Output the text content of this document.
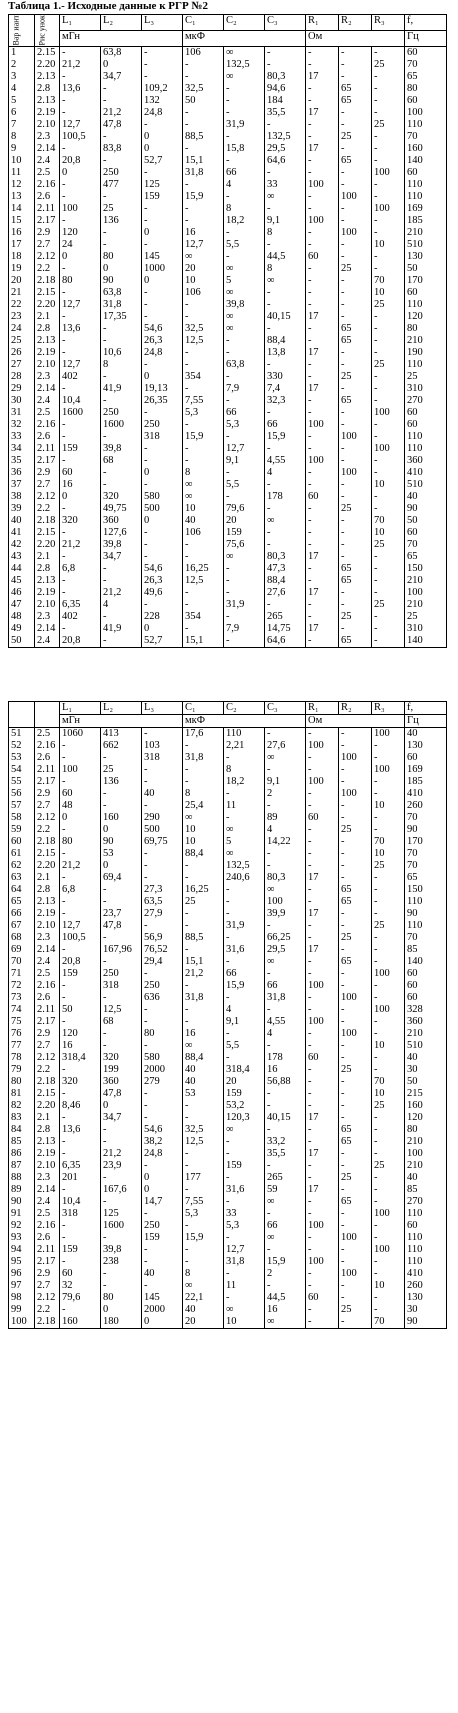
Таблица 1.- Исходные данные к РГР №2
Вар иант	Рис унок	L₁	L₂	L₃	C₁	C₂	C₃	R₁	R₂	R₃	f,
		мГн			мкФ			Ом			Гц
1	2.15	-	63,8	-	106	∞	-	-	-	-	60
2	2.20	21,2	0	-	-	132,5	-	-	-	25	70
3	2.13	-	34,7	-	-	∞	80,3	17	-	-	65
4	2.8	13,6	-	109,2	32,5	-	94,6	-	65	-	80
5	2.13	-	-	132	50	-	184	-	65	-	60
6	2.19	-	21,2	24,8	-	-	35,5	17	-	-	100
7	2.10	12,7	47,8	-	-	31,9	-	-	-	25	110
8	2.3	100,5	-	0	88,5	-	132,5	-	25	-	70
9	2.14	-	83,8	0	-	15,8	29,5	17	-	-	160
10	2.4	20,8	-	52,7	15,1	-	64,6	-	65	-	140
11	2.5	0	250	-	31,8	66	-	-	-	100	60
12	2.16	-	477	125	-	4	33	100	-	-	110
13	2.6	-	-	159	15,9	-	∞	-	100	-	110
14	2.11	100	25	-	-	8	-	-	-	100	169
15	2.17	-	136	-	-	18,2	9,1	100	-	-	185
16	2.9	120	-	0	16	-	8	-	100	-	210
17	2.7	24	-	-	12,7	5,5	-	-	-	10	510
18	2.12	0	80	145	∞	-	44,5	60	-	-	130
19	2.2	-	0	1000	20	∞	8	-	25	-	50
20	2.18	80	90	0	10	5	∞	-	-	70	170
21	2.15	-	63,8	-	106	∞	-	-	-	10	60
22	2.20	12,7	31,8	-	-	39,8	-	-	-	25	110
23	2.1	-	17,35	-	-	∞	40,15	17	-	-	120
24	2.8	13,6	-	54,6	32,5	∞	-	-	65	-	80
25	2.13	-	-	26,3	12,5	-	88,4	-	65	-	210
26	2.19	-	10,6	24,8	-	-	13,8	17	-	-	190
27	2.10	12,7	8	-	-	63,8	-	-	-	25	110
28	2.3	402	-	0	354	-	330	-	25	-	25
29	2.14	-	41,9	19,13	-	7,9	7,4	17	-	-	310
30	2.4	10,4	-	26,35	7,55	-	32,3	-	65	-	270
31	2.5	1600	250	-	5,3	66	-	-	-	100	60
32	2.16	-	1600	250	-	5,3	66	100	-	-	60
33	2.6	-	-	318	15,9	-	15,9	-	100	-	110
34	2.11	159	39,8	-	-	12,7	-	-	-	100	110
35	2.17	-	68	-	-	9,1	4,55	100	-	-	360
36	2.9	60	-	0	8	-	4	-	100	-	410
37	2.7	16	-	-	∞	5,5	-	-	-	10	510
38	2.12	0	320	580	∞	-	178	60	-	-	40
39	2.2	-	49,75	500	10	79,6	-	-	25	-	90
40	2.18	320	360	0	40	20	∞	-	-	70	50
41	2.15	-	127,6	-	106	159	-	-	-	10	60
42	2.20	21,2	39,8	-	-	75,6	-	-	-	25	70
43	2.1	-	34,7	-	-	∞	80,3	17	-	-	65
44	2.8	6,8	-	54,6	16,25	-	47,3	-	65	-	150
45	2.13	-	-	26,3	12,5	-	88,4	-	65	-	210
46	2.19	-	21,2	49,6	-	-	27,6	17	-	-	100
47	2.10	6,35	4	-	-	31,9	-	-	-	25	210
48	2.3	402	-	228	354	-	265	-	25	-	25
49	2.14	-	41,9	0	-	7,9	14,75	17	-	-	310
50	2.4	20,8	-	52,7	15,1	-	64,6	-	65	-	140
		L₁	L₂	L₃	C₁	C₂	C₃	R₁	R₂	R₃	f,
		мГн			мкФ			Ом			Гц
51	2.5	1060	413	-	17,6	110	-	-	-	100	40
52	2.16	-	662	103	-	2,21	27,6	100	-	-	130
53	2.6	-	-	318	31,8	-	∞	-	100	-	60
54	2.11	100	25	-	-	8	-	-	-	100	169
55	2.17	-	136	-	-	18,2	9,1	100	-	-	185
56	2.9	60	-	40	8	-	2	-	100	-	410
57	2.7	48	-	-	25,4	11	-	-	-	10	260
58	2.12	0	160	290	∞	-	89	60	-	-	70
59	2.2	-	0	500	10	∞	4	-	25	-	90
60	2.18	80	90	69,75	10	5	14,22	-	-	70	170
61	2.15	-	53	-	88,4	∞	-	-	-	10	70
62	2.20	21,2	0	-	-	132,5	-	-	-	25	70
63	2.1	-	69,4	-	-	240,6	80,3	17	-	-	65
64	2.8	6,8	-	27,3	16,25	-	∞	-	65	-	150
65	2.13	-	-	63,5	25	-	100	-	65	-	110
66	2.19	-	23,7	27,9	-	-	39,9	17	-	-	90
67	2.10	12,7	47,8	-	-	31,9	-	-	-	25	110
68	2.3	100,5	-	56,9	88,5	-	66,25	-	25	-	70
69	2.14	-	167,96	76,52	-	31,6	29,5	17	-	-	85
70	2.4	20,8	-	29,4	15,1	-	∞	-	65	-	140
71	2.5	159	250	-	21,2	66	-	-	-	100	60
72	2.16	-	318	250	-	15,9	66	100	-	-	60
73	2.6	-	-	636	31,8	-	31,8	-	100	-	60
74	2.11	50	12,5	-	-	4	-	-	-	100	328
75	2.17	-	68	-	-	9,1	4,55	100	-	-	360
76	2.9	120	-	80	16	-	4	-	100	-	210
77	2.7	16	-	-	∞	5,5	-	-	-	10	510
78	2.12	318,4	320	580	88,4	-	178	60	-	-	40
79	2.2	-	199	2000	40	318,4	16	-	25	-	30
80	2.18	320	360	279	40	20	56,88	-	-	70	50
81	2.15	-	47,8	-	53	159	-	-	-	10	215
82	2.20	8,46	0	-	-	53,2	-	-	-	25	160
83	2.1	-	34,7	-	-	120,3	40,15	17	-	-	120
84	2.8	13,6	-	54,6	32,5	∞	-	-	65	-	80
85	2.13	-	-	38,2	12,5	-	33,2	-	65	-	210
86	2.19	-	21,2	24,8	-	-	35,5	17	-	-	100
87	2.10	6,35	23,9	-	-	159	-	-	-	25	210
88	2.3	201	-	0	177	-	265	-	25	-	40
89	2.14	-	167,6	0	-	31,6	59	17	-	-	85
90	2.4	10,4	-	14,7	7,55	-	∞	-	65	-	270
91	2.5	318	125	-	5,3	33	-	-	-	100	110
92	2.16	-	1600	250	-	5,3	66	100	-	-	60
93	2.6	-	-	159	15,9	-	∞	-	100	-	110
94	2.11	159	39,8	-	-	12,7	-	-	-	100	110
95	2.17	-	238	-	-	31,8	15,9	100	-	-	110
96	2.9	60	-	40	8	-	2	-	100	-	410
97	2.7	32	-	-	∞	11	-	-	-	10	260
98	2.12	79,6	80	145	22,1	-	44,5	60	-	-	130
99	2.2	-	0	2000	40	∞	16	-	25	-	30
100	2.18	160	180	0	20	10	∞	-	-	70	90
